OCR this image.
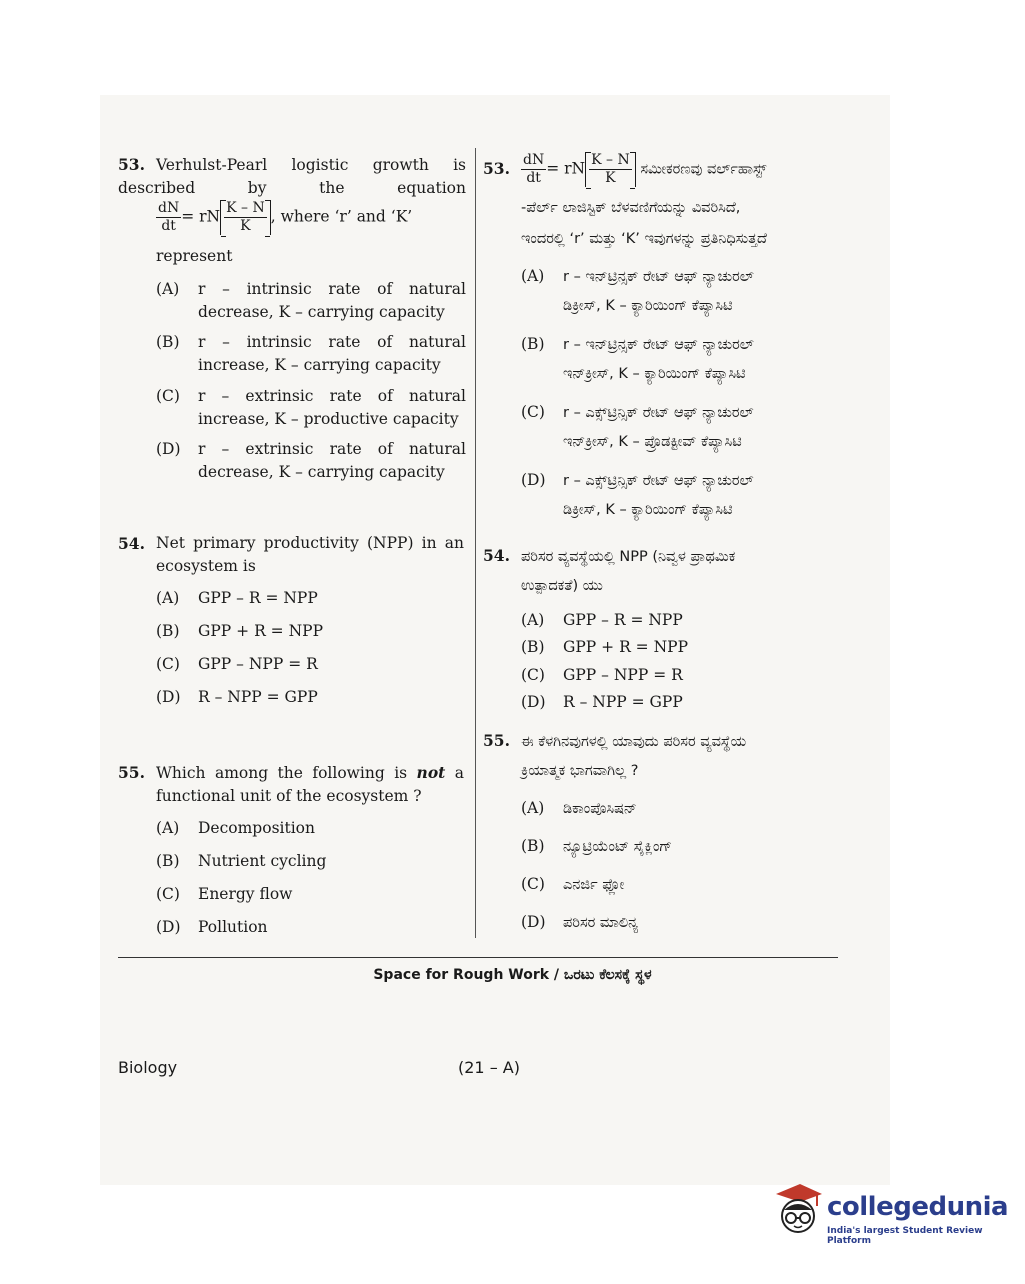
53. Verhulst-Pearl logistic growth is described by the equation
$\frac{dN}{dt}$ = rN $\frac{K - N}{K}$ , where ‘r’ and ‘K’
represent
(A) r – intrinsic rate of natural decrease, K – carrying capacity
(B) r – intrinsic rate of natural increase, K – carrying capacity
(C) r – extrinsic rate of natural increase, K – productive capacity
(D) r – extrinsic rate of natural decrease, K – carrying capacity
54. Net primary productivity (NPP) in an ecosystem is
(A) GPP – R = NPP
(B) GPP + R = NPP
(C) GPP – NPP = R
(D) R – NPP = GPP
55. Which among the following is not a functional unit of the ecosystem ?
(A) Decomposition
(B) Nutrient cycling
(C) Energy flow
(D) Pollution
53. $\frac{dN}{dt}$ = rN $\frac{K - N}{K}$ ಸಮೀಕರಣವು ವರ್ಲ್‌ಹಾಸ್ಟ್
-ಪೆರ್ಲ್ ಲಾಜಿಸ್ಟಿಕ್ ಬೆಳವಣಿಗೆಯನ್ನು ವಿವರಿಸಿದೆ,
ಇಂದರಲ್ಲಿ ‘r’ ಮತ್ತು ‘K’ ಇವುಗಳನ್ನು ಪ್ರತಿನಿಧಿಸುತ್ತದೆ
(A) r – ಇನ್‌ಟ್ರಿನ್ಸಕ್ ರೇಟ್ ಆಫ್ ನ್ಯಾಚುರಲ್
ಡಿಕ್ರೀಸ್, K – ಕ್ಯಾರಿಯಿಂಗ್ ಕೆಪ್ಯಾಸಿಟಿ
(B) r – ಇನ್‌ಟ್ರಿನ್ಸಕ್ ರೇಟ್ ಆಫ್ ನ್ಯಾಚುರಲ್
ಇನ್‌ಕ್ರೀಸ್, K – ಕ್ಯಾರಿಯಿಂಗ್ ಕೆಪ್ಯಾಸಿಟಿ
(C) r – ಎಕ್ಸ್‌ಟ್ರಿನ್ಸಿಕ್ ರೇಟ್ ಆಫ್ ನ್ಯಾಚುರಲ್
ಇನ್‌ಕ್ರೀಸ್, K – ಪ್ರೊಡಕ್ಟೀವ್ ಕೆಪ್ಯಾಸಿಟಿ
(D) r – ಎಕ್ಸ್‌ಟ್ರಿನ್ಸಿಕ್ ರೇಟ್ ಆಫ್ ನ್ಯಾಚುರಲ್
ಡಿಕ್ರೀಸ್, K – ಕ್ಯಾರಿಯಿಂಗ್ ಕೆಪ್ಯಾಸಿಟಿ
54. ಪರಿಸರ ವ್ಯವಸ್ಥೆಯಲ್ಲಿ NPP (ನಿವ್ವಳ ಪ್ರಾಥಮಿಕ
ಉತ್ಪಾದಕತೆ) ಯು
(A) GPP – R = NPP
(B) GPP + R = NPP
(C) GPP – NPP = R
(D) R – NPP = GPP
55. ಈ ಕೆಳಗಿನವುಗಳಲ್ಲಿ ಯಾವುದು ಪರಿಸರ ವ್ಯವಸ್ಥೆಯ
ಕ್ರಿಯಾತ್ಮಕ ಭಾಗವಾಗಿಲ್ಲ ?
(A) ಡಿಕಾಂಪೊಸಿಷನ್
(B) ನ್ಯೂಟ್ರಿಯೆಂಟ್ ಸೈಕ್ಲಿಂಗ್
(C) ಎನರ್ಜಿ ಫ್ಲೋ
(D) ಪರಿಸರ ಮಾಲಿನ್ಯ
Space for Rough Work / ಒರಟು ಕೆಲಸಕ್ಕೆ ಸ್ಥಳ
Biology	(21 – A)
collegedunia
India's largest Student Review Platform
